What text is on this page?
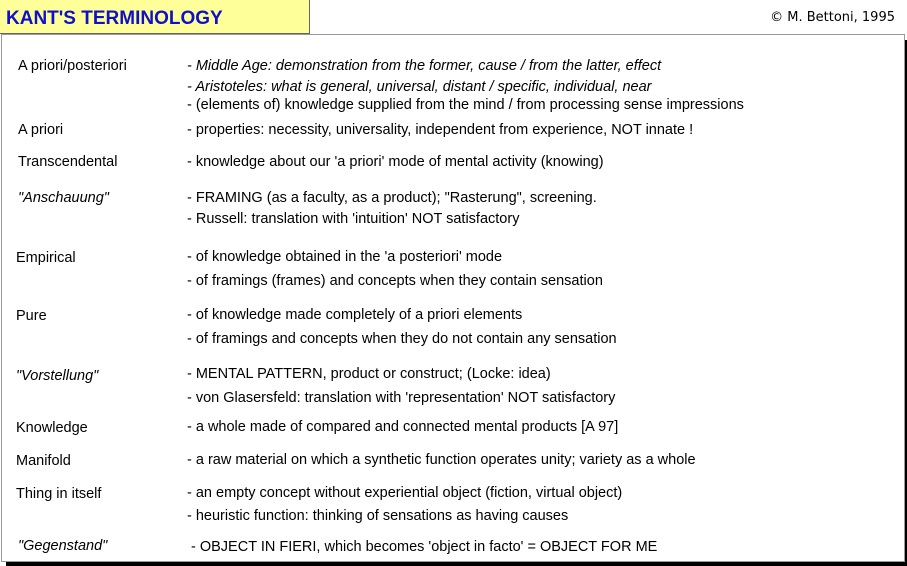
KANT'S TERMINOLOGY	© M. Bettoni, 1995
A priori/posteriori	- Middle Age: demonstration from the former, cause / from the latter, effect
- Aristoteles: what is general, universal, distant / specific, individual, near
- (elements of) knowledge supplied from the mind / from processing sense impressions
A priori	- properties: necessity, universality, independent from experience, NOT innate !
Transcendental	- knowledge about our 'a priori' mode of mental activity (knowing)
"Anschauung"	- FRAMING (as a faculty, as a product); "Rasterung", screening.
- Russell: translation with 'intuition' NOT satisfactory
Empirical	- of knowledge obtained in the 'a posteriori' mode
- of framings (frames) and concepts when they contain sensation
Pure	- of knowledge made completely of a priori elements
- of framings and concepts when they do not contain any sensation
"Vorstellung"	- MENTAL PATTERN, product or construct; (Locke: idea)
- von Glasersfeld: translation with 'representation' NOT satisfactory
Knowledge	- a whole made of compared and connected mental products [A 97]
Manifold	- a raw material on which a synthetic function operates unity; variety as a whole
Thing in itself	- an empty concept without experiential object (fiction, virtual object)
- heuristic function: thinking of sensations as having causes
"Gegenstand"	- OBJECT IN FIERI, which becomes 'object in facto' = OBJECT FOR ME
